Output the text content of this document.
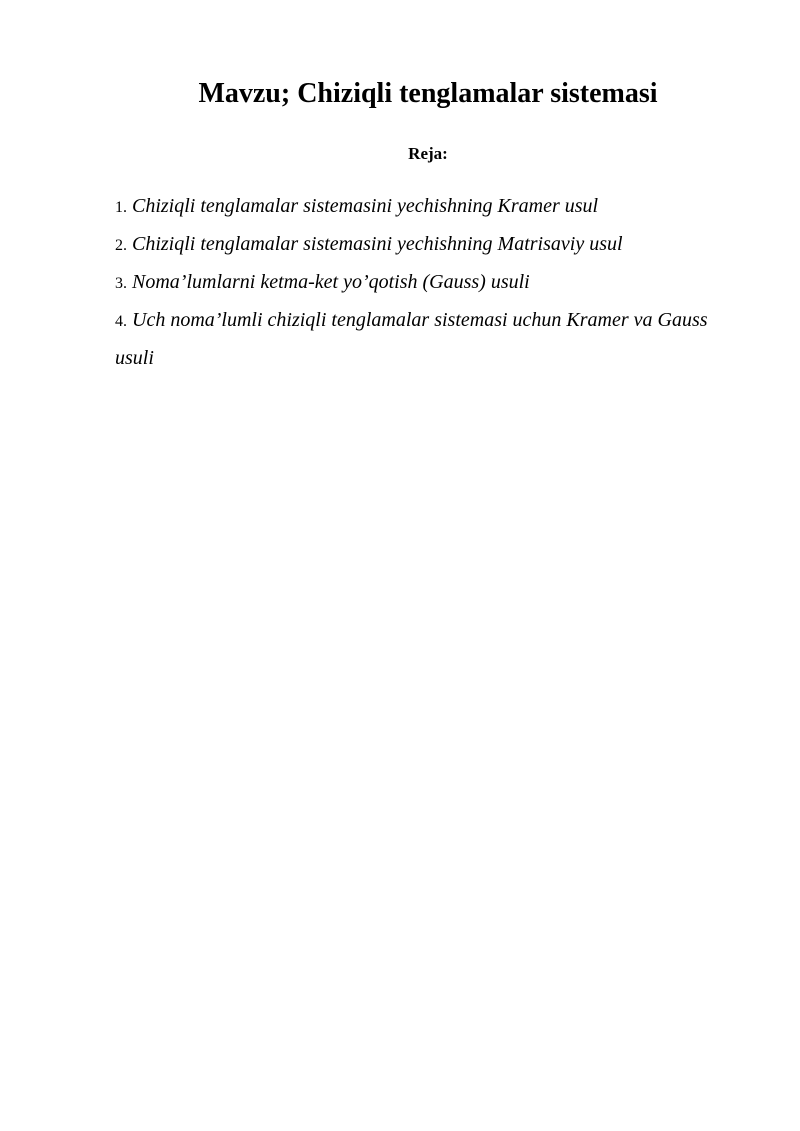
Mavzu; Chiziqli tenglamalar sistemasi
Reja:
1. Chiziqli tenglamalar sistemasini yechishning Kramer usul
2. Chiziqli tenglamalar sistemasini yechishning Matrisaviy usul
3. Noma’lumlarni ketma-ket yo’qotish (Gauss) usuli
4. Uch noma’lumli chiziqli tenglamalar sistemasi uchun Kramer va Gauss usuli
